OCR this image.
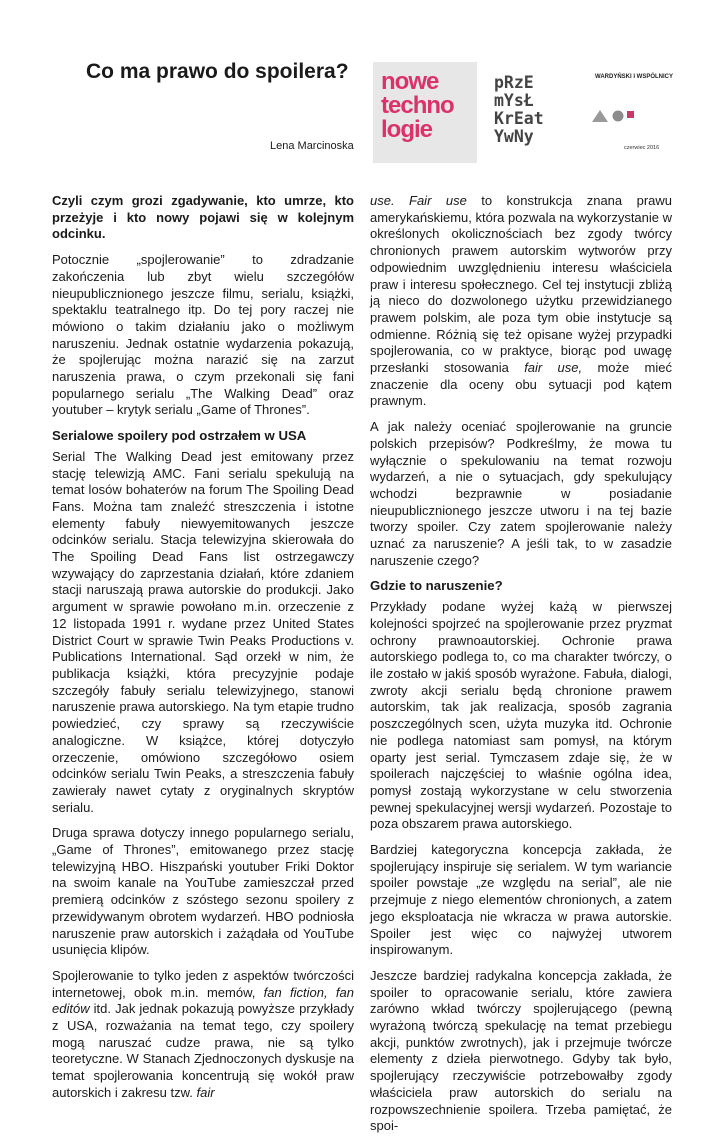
Co ma prawo do spoilera?
Lena Marcinoska
nowe
techno
logie
pRzE
mYsŁ
KrEat
YwNy
WARDYŃSKI I WSPÓLNICY
czerwiec 2016

Czyli czym grozi zgadywanie, kto umrze, kto przeżyje i kto nowy pojawi się w kolejnym odcinku.

Potocznie „spojlerowanie” to zdradzanie zakończenia lub zbyt wielu szczegółów nieupublicznionego jeszcze filmu, serialu, książki, spektaklu teatralnego itp. Do tej pory raczej nie mówiono o takim działaniu jako o możliwym naruszeniu. Jednak ostatnie wydarzenia pokazują, że spojlerując można narazić się na zarzut naruszenia prawa, o czym przekonali się fani popularnego serialu „The Walking Dead” oraz youtuber – krytyk serialu „Game of Thrones”.

Serialowe spoilery pod ostrzałem w USA

Serial The Walking Dead jest emitowany przez stację telewizją AMC. Fani serialu spekulują na temat losów bohaterów na forum The Spoiling Dead Fans. Można tam znaleźć streszczenia i istotne elementy fabuły niewyemitowanych jeszcze odcinków serialu. Stacja telewizyjna skierowała do The Spoiling Dead Fans list ostrzegawczy wzywający do zaprzestania działań, które zdaniem stacji naruszają prawa autorskie do produkcji. Jako argument w sprawie powołano m.in. orzeczenie z 12 listopada 1991 r. wydane przez United States District Court w sprawie Twin Peaks Productions v. Publications International. Sąd orzekł w nim, że publikacja książki, która precyzyjnie podaje szczegóły fabuły serialu telewizyjnego, stanowi naruszenie prawa autorskiego. Na tym etapie trudno powiedzieć, czy sprawy są rzeczywiście analogiczne. W książce, której dotyczyło orzeczenie, omówiono szczegółowo osiem odcinków serialu Twin Peaks, a streszczenia fabuły zawierały nawet cytaty z oryginalnych skryptów serialu.

Druga sprawa dotyczy innego popularnego serialu, „Game of Thrones”, emitowanego przez stację telewizyjną HBO. Hiszpański youtuber Friki Doktor na swoim kanale na YouTube zamieszczał przed premierą odcinków z szóstego sezonu spoilery z przewidywanym obrotem wydarzeń. HBO podniosła naruszenie praw autorskich i zażądała od YouTube usunięcia klipów.

Spojlerowanie to tylko jeden z aspektów twórczości internetowej, obok m.in. memów, fan fiction, fan editów itd. Jak jednak pokazują powyższe przykłady z USA, rozważania na temat tego, czy spoilery mogą naruszać cudze prawa, nie są tylko teoretyczne. W Stanach Zjednoczonych dyskusje na temat spojlerowania koncentrują się wokół praw autorskich i zakresu tzw. fair

use. Fair use to konstrukcja znana prawu amerykańskiemu, która pozwala na wykorzystanie w określonych okolicznościach bez zgody twórcy chronionych prawem autorskim wytworów przy odpowiednim uwzględnieniu interesu właściciela praw i interesu społecznego. Cel tej instytucji zbliżą ją nieco do dozwolonego użytku przewidzianego prawem polskim, ale poza tym obie instytucje są odmienne. Różnią się też opisane wyżej przypadki spojlerowania, co w praktyce, biorąc pod uwagę przesłanki stosowania fair use, może mieć znaczenie dla oceny obu sytuacji pod kątem prawnym.

A jak należy oceniać spojlerowanie na gruncie polskich przepisów? Podkreślmy, że mowa tu wyłącznie o spekulowaniu na temat rozwoju wydarzeń, a nie o sytuacjach, gdy spekulujący wchodzi bezprawnie w posiadanie nieupublicznionego jeszcze utworu i na tej bazie tworzy spoiler. Czy zatem spojlerowanie należy uznać za naruszenie? A jeśli tak, to w zasadzie naruszenie czego?

Gdzie to naruszenie?

Przykłady podane wyżej każą w pierwszej kolejności spojrzeć na spojlerowanie przez pryzmat ochrony prawnoautorskiej. Ochronie prawa autorskiego podlega to, co ma charakter twórczy, o ile zostało w jakiś sposób wyrażone. Fabuła, dialogi, zwroty akcji serialu będą chronione prawem autorskim, tak jak realizacja, sposób zagrania poszczególnych scen, użyta muzyka itd. Ochronie nie podlega natomiast sam pomysł, na którym oparty jest serial. Tymczasem zdaje się, że w spoilerach najczęściej to właśnie ogólna idea, pomysł zostają wykorzystane w celu stworzenia pewnej spekulacyjnej wersji wydarzeń. Pozostaje to poza obszarem prawa autorskiego.

Bardziej kategoryczna koncepcja zakłada, że spojlerujący inspiruje się serialem. W tym wariancie spoiler powstaje „ze względu na serial”, ale nie przejmuje z niego elementów chronionych, a zatem jego eksploatacja nie wkracza w prawa autorskie. Spoiler jest więc co najwyżej utworem inspirowanym.

Jeszcze bardziej radykalna koncepcja zakłada, że spoiler to opracowanie serialu, które zawiera zarówno wkład twórczy spojlerującego (pewną wyrażoną twórczą spekulację na temat przebiegu akcji, punktów zwrotnych), jak i przejmuje twórcze elementy z dzieła pierwotnego. Gdyby tak było, spojlerujący rzeczywiście potrzebowałby zgody właściciela praw autorskich do serialu na rozpowszechnienie spoilera. Trzeba pamiętać, że spoi-
